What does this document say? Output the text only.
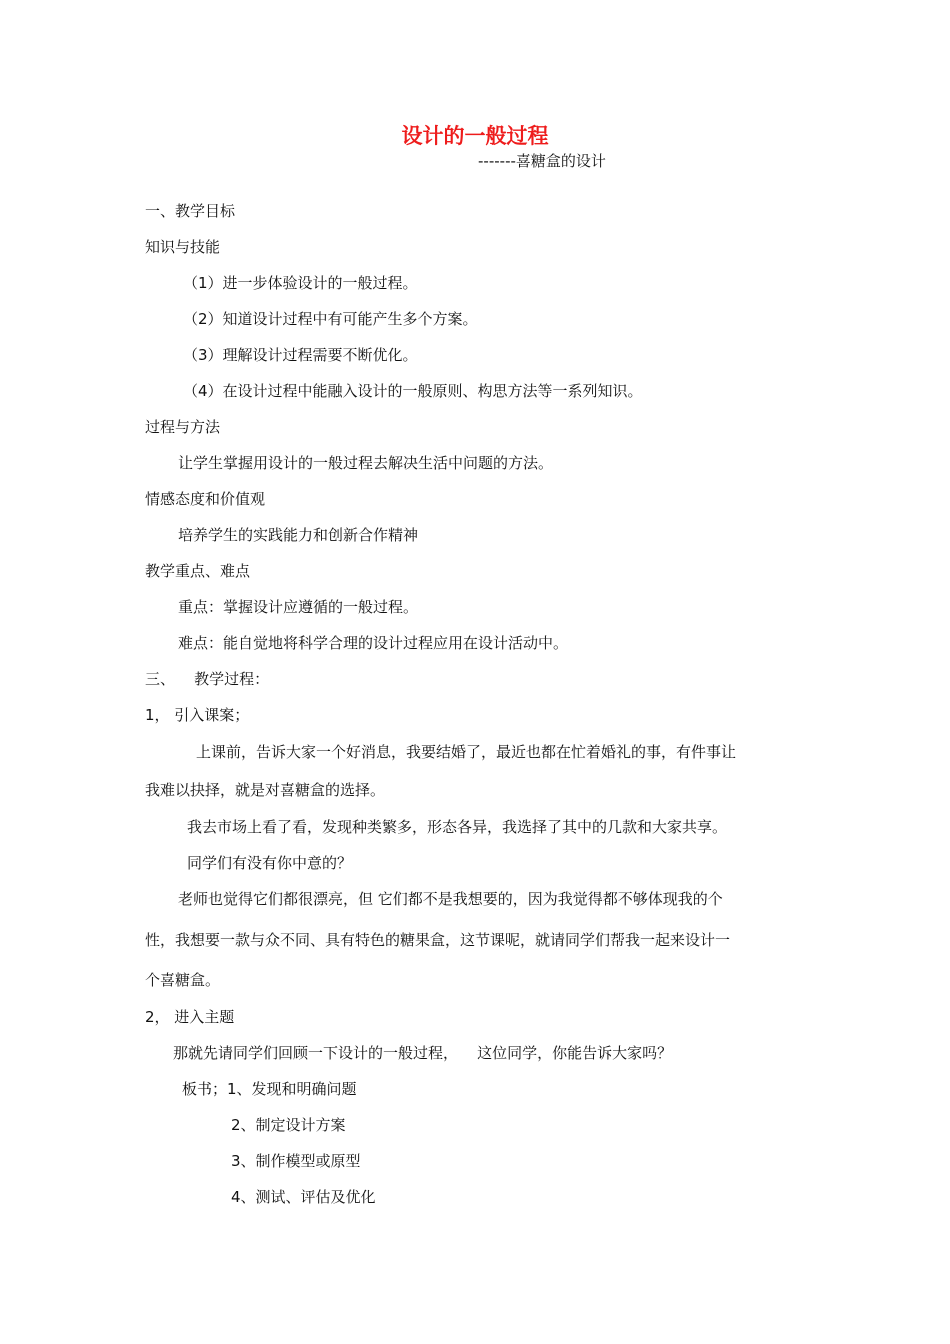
设计的一般过程
-------喜糖盒的设计
一、教学目标
知识与技能
（1）进一步体验设计的一般过程。
（2）知道设计过程中有可能产生多个方案。
（3）理解设计过程需要不断优化。
（4）在设计过程中能融入设计的一般原则、构思方法等一系列知识。
过程与方法
让学生掌握用设计的一般过程去解决生活中问题的方法。
情感态度和价值观
培养学生的实践能力和创新合作精神
教学重点、难点
重点：掌握设计应遵循的一般过程。
难点：能自觉地将科学合理的设计过程应用在设计活动中。
三、    教学过程：
1， 引入课案；
上课前，告诉大家一个好消息，我要结婚了，最近也都在忙着婚礼的事，有件事让
我难以抉择，就是对喜糖盒的选择。
我去市场上看了看，发现种类繁多，形态各异，我选择了其中的几款和大家共享。
同学们有没有你中意的？
老师也觉得它们都很漂亮，但 它们都不是我想要的，因为我觉得都不够体现我的个
性，我想要一款与众不同、具有特色的糖果盒，这节课呢，就请同学们帮我一起来设计一
个喜糖盒。
2， 进入主题
那就先请同学们回顾一下设计的一般过程，    这位同学，你能告诉大家吗？
板书；1、发现和明确问题
2、制定设计方案
3、制作模型或原型
4、测试、评估及优化
